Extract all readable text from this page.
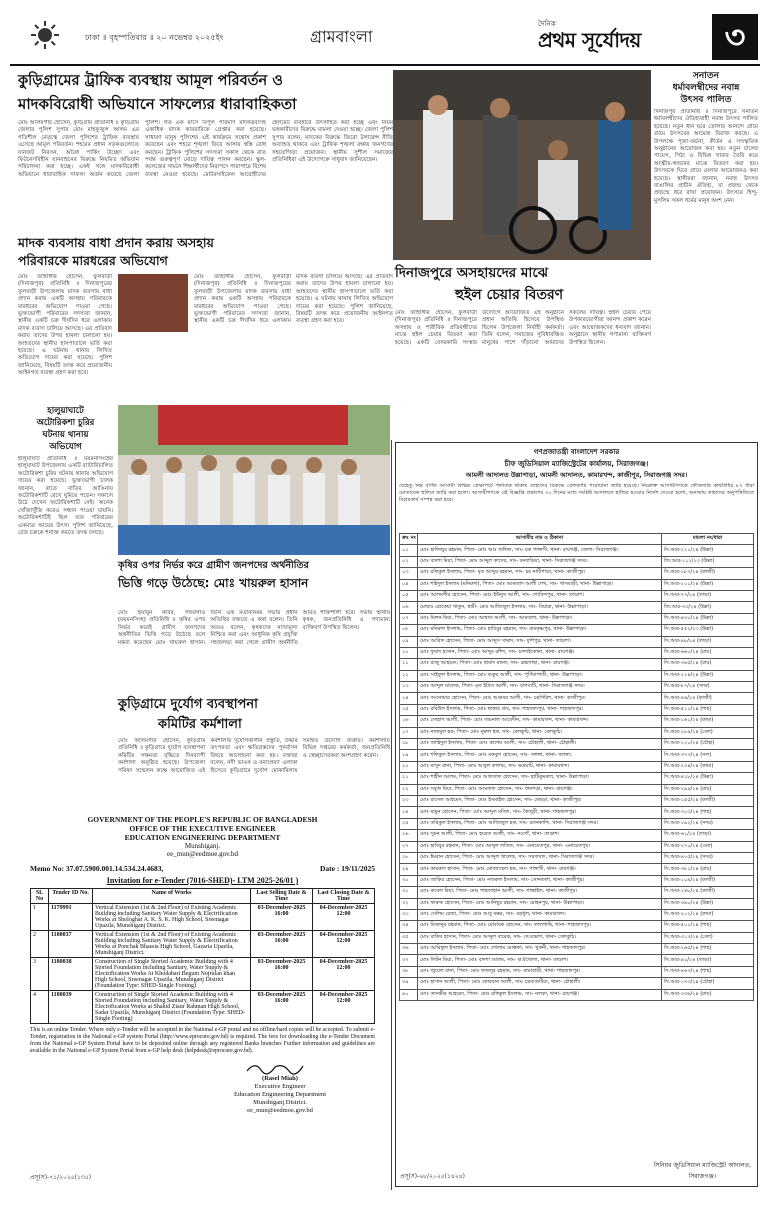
ঢাকা ॥ বৃহস্পতিবার ॥ ২০ নভেম্বর ২০২৫ইং	গ্রামবাংলা
দৈনিক
প্রথম সূর্যোদয়	৩
কুড়িগ্রামের ট্রাফিক ব্যবস্থায় আমূল পরিবর্তন ও
মাদকবিরোধী অভিযানে সাফল্যের ধারাবাহিকতা
মোঃ আলমগীর হোসেন, কুড়িগ্রাম প্রতিনিধি ॥ কুড়িগ্রাম জেলার পুলিশ সুপার মোঃ মাহফুজুল আলম এর গতিশীল নেতৃত্বে জেলা পুলিশের ট্রাফিক ব্যবস্থায় এসেছে আমূল পরিবর্তন। শহরের প্রধান সড়কগুলোতে যানজট নিরসন, অবৈধ পার্কিং উচ্ছেদ এবং ফিটনেসবিহীন যানবাহনের বিরুদ্ধে নিয়মিত অভিযান পরিচালনা করা হচ্ছে। একই সঙ্গে মাদকবিরোধী অভিযানে ধারাবাহিক সাফল্য অর্জন করেছে জেলা পুলিশ। গত এক মাসে বিপুল পরিমাণ মাদকদ্রব্যসহ একাধিক মাদক কারবারিকে গ্রেপ্তার করা হয়েছে। সাধারণ মানুষ পুলিশের এই কার্যক্রমে সন্তোষ প্রকাশ করেছেন এবং শহরে শৃঙ্খলা ফিরে আসায় স্বস্তি বোধ করছেন। ট্রাফিক পুলিশের সদস্যরা সকাল থেকে রাত পর্যন্ত গুরুত্বপূর্ণ মোড়ে দায়িত্ব পালন করছেন। স্কুল-কলেজের সামনে শিক্ষার্থীদের নিরাপদে পারাপারে বিশেষ ব্যবস্থা নেওয়া হয়েছে। মোটরসাইকেল আরোহীদের হেলমেট ব্যবহারে উৎসাহিত করা হচ্ছে এবং নিয়ম ভঙ্গকারীদের বিরুদ্ধে মামলা দেওয়া হচ্ছে। জেলা পুলিশ সুপার বলেন, মাদকের বিরুদ্ধে জিরো টলারেন্স নীতি অব্যাহত থাকবে এবং ট্রাফিক শৃঙ্খলা রক্ষায় জনগণের সহযোগিতা প্রয়োজন। স্থানীয় সুশীল সমাজের প্রতিনিধিরা এই উদ্যোগকে সাধুবাদ জানিয়েছেন।
সনাতন
ধর্মাবলম্বীদের নবান্ন
উৎসব পালিত
দিনাজপুর প্রতিনিধি ॥ দিনাজপুরে সনাতন ধর্মাবলম্বীদের ঐতিহ্যবাহী নবান্ন উৎসব পালিত হয়েছে। নতুন ধান ঘরে তোলার আনন্দে গ্রামে গ্রামে উৎসবের আমেজ বিরাজ করছে। এ উপলক্ষে পূজা-অর্চনা, কীর্তন ও সাংস্কৃতিক অনুষ্ঠানের আয়োজন করা হয়। নতুন চালের পায়েস, পিঠা ও বিভিন্ন খাবার তৈরি করে আত্মীয়-স্বজনের মাঝে বিতরণ করা হয়। উৎসবকে ঘিরে গ্রামে মেলার আয়োজনও করা হয়েছে। স্থানীয়রা জানান, নবান্ন উৎসব বাঙালির প্রাচীন ঐতিহ্য, যা প্রজন্ম থেকে প্রজন্মে ধরে রাখা প্রয়োজন। উৎসবে হিন্দু-মুসলিম সকল ধর্মের মানুষ অংশ নেন।
মাদক ব্যবসায় বাধা প্রদান করায় অসহায়
পরিবারকে মারধরের অভিযোগ
মোঃ জাহাঙ্গীর হোসেন, ফুলবাড়ী (দিনাজপুর) প্রতিনিধি ॥ দিনাজপুরের ফুলবাড়ী উপজেলায় মাদক ব্যবসায় বাধা প্রদান করায় একটি অসহায় পরিবারকে মারধরের অভিযোগ পাওয়া গেছে। ভুক্তভোগী পরিবারের সদস্যরা জানান, স্থানীয় একটি চক্র দীর্ঘদিন ধরে এলাকায় মাদক ব্যবসা চালিয়ে আসছে। এর প্রতিবাদ করায় তাদের উপর হামলা চালানো হয়। আহতদের স্থানীয় হাসপাতালে ভর্তি করা হয়েছে। এ ঘটনায় থানায় লিখিত অভিযোগ দায়ের করা হয়েছে। পুলিশ জানিয়েছে, বিষয়টি তদন্ত করে প্রয়োজনীয় আইনগত ব্যবস্থা গ্রহণ করা হবে।
মোঃ জাহাঙ্গীর হোসেন, ফুলবাড়ী (দিনাজপুর) প্রতিনিধি ॥ দিনাজপুরের ফুলবাড়ী উপজেলায় মাদক ব্যবসায় বাধা প্রদান করায় একটি অসহায় পরিবারকে মারধরের অভিযোগ পাওয়া গেছে। ভুক্তভোগী পরিবারের সদস্যরা জানান, স্থানীয় একটি চক্র দীর্ঘদিন ধরে এলাকায় মাদক ব্যবসা চালিয়ে আসছে। এর প্রতিবাদ করায় তাদের উপর হামলা চালানো হয়। আহতদের স্থানীয় হাসপাতালে ভর্তি করা হয়েছে। এ ঘটনায় থানায় লিখিত অভিযোগ দায়ের করা হয়েছে। পুলিশ জানিয়েছে, বিষয়টি তদন্ত করে প্রয়োজনীয় আইনগত ব্যবস্থা গ্রহণ করা হবে।
দিনাজপুরে অসহায়দের মাঝে
হুইল চেয়ার বিতরণ
মোঃ জাহাঙ্গীর হোসেন, ফুলবাড়ী (দিনাজপুর) প্রতিনিধি ॥ দিনাজপুরে অসহায় ও শারীরিক প্রতিবন্ধীদের মাঝে হুইল চেয়ার বিতরণ করা হয়েছে। একটি বেসরকারি সংস্থার উদ্যোগে আয়োজিত এই অনুষ্ঠানে প্রধান অতিথি হিসেবে উপস্থিত ছিলেন উপজেলা নির্বাহী কর্মকর্তা। তিনি বলেন, সমাজের সুবিধাবঞ্চিত মানুষের পাশে দাঁড়ানো আমাদের সকলের দায়িত্ব। হুইল চেয়ার পেয়ে উপকারভোগীরা আনন্দ প্রকাশ করেন এবং আয়োজকদের ধন্যবাদ জানান। অনুষ্ঠানে স্থানীয় গণ্যমান্য ব্যক্তিবর্গ উপস্থিত ছিলেন।
হালুয়াঘাটে
অটোরিকশা চুরির
ঘটনায় থানায়
অভিযোগ
হালুয়াঘাট প্রতিনিধি ॥ ময়মনসিংহের হালুয়াঘাট উপজেলায় একটি ব্যাটারিচালিত অটোরিকশা চুরির ঘটনায় থানায় অভিযোগ দায়ের করা হয়েছে। ভুক্তভোগী চালক জানান, রাতে বাড়ির আঙিনায় অটোরিকশাটি রেখে ঘুমিয়ে পড়েন। সকালে উঠে দেখেন অটোরিকশাটি নেই। অনেক খোঁজাখুঁজি করেও সন্ধান পাওয়া যায়নি। অটোরিকশাটিই ছিল তার পরিবারের একমাত্র আয়ের উৎস। পুলিশ জানিয়েছে, চোর চক্রকে শনাক্ত করতে তদন্ত চলছে।
কৃষির ওপর নির্ভর করে গ্রামীণ জনপদের অর্থনীতির
ভিত্তি গড়ে উঠেছে: মোঃ খায়রুল হাসান
মোঃ হুমায়ুন কবির, গফরগাঁও (ময়মনসিংহ) প্রতিনিধি ॥ কৃষির ওপর নির্ভর করেই গ্রামীণ জনপদের অর্থনীতির ভিত্তি গড়ে উঠেছে বলে মন্তব্য করেছেন মোঃ খায়রুল হাসান। তিনি এক মতবিনিময় সভায় প্রধান অতিথির বক্তব্যে এ কথা বলেন। তিনি আরও বলেন, কৃষকদের ন্যায্যমূল্য নিশ্চিত করা এবং আধুনিক কৃষি প্রযুক্তি সহজলভ্য করা গেলে গ্রামীণ অর্থনীতি আরও শক্তিশালী হবে। সভায় স্থানীয় কৃষক, জনপ্রতিনিধি ও গণ্যমান্য ব্যক্তিবর্গ উপস্থিত ছিলেন।
কুড়িগ্রামে দুর্যোগ ব্যবস্থাপনা
কমিটির কর্মশালা
মোঃ আলমগীর হোসেন, কুড়িগ্রাম প্রতিনিধি ॥ কুড়িগ্রামে দুর্যোগ ব্যবস্থাপনা কমিটির সক্ষমতা বৃদ্ধিতে দিনব্যাপী কর্মশালা অনুষ্ঠিত হয়েছে। উপজেলা পরিষদ সম্মেলন কক্ষে আয়োজিত এই কর্মশালায় দুর্যোগকালীন প্রস্তুতি, উদ্ধার তৎপরতা এবং ক্ষতিগ্রস্তদের পুনর্বাসন বিষয়ে আলোচনা করা হয়। বক্তারা বলেন, নদী ভাঙন ও বন্যাপ্রবণ এলাকা হিসেবে কুড়িগ্রামে দুর্যোগ মোকাবিলায় সমন্বিত উদ্যোগ জরুরি। কর্মশালায় বিভিন্ন দপ্তরের কর্মকর্তা, জনপ্রতিনিধি ও স্বেচ্ছাসেবকরা অংশগ্রহণ করেন।
GOVERNMENT OF THE PEOPLE'S REPUBLIC OF BANGLADESH
OFFICE OF THE EXECUTIVE ENGINEER
EDUCATION ENGINEERING DEPARTMENT
Munshiganj.
ee_mun@eedmoe.gov.bd
Memo No: 37.07.5900.001.14.534.24.4683,	Date : 19/11/2025
Invitation for e-Tender (7016-SHED)- LTM 2025-26/01 )
SL No	Tender ID No.	Name of Works	Last Selling Date & Time	Last Closing Date & Time
1	1179991	Vertical Extension (1st & 2nd Floor) of Existing Academic Building including Sanitary Water Supply & Electrification Works at Shologhar A. K. S. K. High School, Sreenagar Upazila, Munshiganj District.	03-December-2025 16:00	04-December-2025 12:00
2	1180037	Vertical Extension (1st & 2nd Floor) of Existing Academic Building including Sanitary Water Supply & Electrification Works at Ponchak Bhassia High School, Gazaria Upazila, Munshiganj District.	03-December-2025 16:00	04-December-2025 12:00
3	1180038	Construction of Single Storied Academic Building with 4 Storied Foundation including Sanitary, Water Supply & Electrification Works At Khodabari Begum Nojrulan khan High School, Sreenagar Upazila, Munshiganj District (Foundation Type: SHED-Single Footing)	03-December-2025 16:00	04-December-2025 12:00
4	1180039	Construction of Single Storied Academic Building with 4 Storied Foundation including Sanitary, Water Supply & Electrification Works at Shahid Ziaur Rahman High School, Sadar Upazila, Munshiganj District (Foundation Type: SHED-Single Footing)	03-December-2025 16:00	04-December-2025 12:00
This is an online Tender. Where only e-Tender will be accepted in the National e-GP portal and no offline/hard copies will be accepted. To submit e-Tender, registration in the National e-GP system Portal (http://www.eprocure.gov.bd) is required. The fees for downloading the e-Tender Document from the National e-GP System Portal have to be deposited online through any registered Banks branches Further information and guidelines are available in the National e-GP System Portal from e-GP help desk (helpdesk@eprocure.gov.bd).
(Rasel Miah)
Executive Engineer
Education Engineering Department
Munshiganj District.
ee_mun@eedmoe.gov.bd
প্রসূ(স)-৭১/২০২৫(১৩৫)
গণপ্রজাতন্ত্রী বাংলাদেশ সরকার
চীফ জুডিসিয়াল ম্যাজিস্ট্রেটের কার্যালয়, সিরাজগঞ্জ।
আমলী আদালত উল্লাপাড়া, আমলী আদালত, কামারখন্দ, কাজীপুর, সিরাজগঞ্জ সদর।
যেহেতু নিম্ন বর্ণিত আসামী বিভিন্ন প্রেক্ষাপটে পলাতক থাকায় তাহাদের বিরুদ্ধে গ্রেফতারি পরোয়ানা জারি হয়েছে। নিম্নোক্ত আসামীগণকে ফৌজদারি কার্যবিধির ৮৭ ধারা মোতাবেক হুলিয়া জারি করা হলো। আসামীগণকে এই বিজ্ঞপ্তি প্রকাশের ৩০ দিনের মধ্যে সংশ্লিষ্ট আদালতে হাজির হওয়ার নির্দেশ দেওয়া হলো, অন্যথায় তাহাদের অনুপস্থিতিতে বিচারকার্য সম্পন্ন করা হবে।
ক্রঃ নং	আসামীর নাম ও ঠিকানা	মামলা নং/ধারা
০১	মোঃ হাফিজুর রহমান, পিতা- মোঃ আঃ জলিল, সাং- চক পাঙ্গাসী, থানা- রায়গঞ্জ, জেলা- সিরাজগঞ্জ।	সি.আর-২২১/২৪ (উল্লা)
০২	মোঃ বাদশা মিয়া, পিতা- মোঃ আব্দুল কাদের, সাং- বনবাড়িয়া, থানা- সিরাজগঞ্জ সদর।	জি.আর-১১২/২৩ (উল্লা)
০৩	মোঃ রফিকুল ইসলাম, পিতা- মৃত আব্দুর রহমান, সাং- চর নাটিপাড়া, থানা- কাজীপুর।	সি.আর-১৮৭/২৪ (কাজী)
০৪	মোঃ শহিদুল ইসলাম (মনিরুল), পিতা- মোঃ আমজাদ আলী শেখ, সাং- খাসবাড়ী, থানা- উল্লাপাড়া।	সি.আর-২০১/২৪ (উল্লা)
০৫	মোঃ আলমগীর হোসেন, পিতা- মোঃ ইউনুস আলী, সাং- গোবিন্দপুর, থানা- তাড়াশ।	সি.আর-৭৭/২৪ (তাড়া)
০৬	মোছাঃ রোকেয়া খাতুন, স্বামী- মোঃ আজিজুল ইসলাম, সাং- বিয়ারা, থানা- উল্লাপাড়া।	জি.আর-৩৩/২৪ (উল্লা)
০৭	মোঃ মিলন মিয়া, পিতা- মোঃ আম্বাত আলী, সাং- আমতলা, থানা- উল্লাপাড়া।	সি.আর-৪৩০/২৪ (উল্লা)
০৮	মোঃ মনিরুল ইসলাম, পিতা- মোঃ হাবিবুর রহমান, সাং- রামকৃষ্ণপুর, থানা- উল্লাপাড়া।	সি.আর-৫৫২/২৩ (উল্লা)
০৯	মোঃ আরিফ হোসেন, পিতা- মোঃ আব্দুস সামাদ, সাং- দুর্গাপুর, থানা- তাড়াশ।	সি.আর-৯৮/২৪ (তাড়া)
১০	মোঃ ফুয়াদ হাসান, পিতা- মোঃ আব্দুর রশিদ, সাং- চান্দাইকোনা, থানা- রায়গঞ্জ।	সি.আর-৬৬০/২৪ (রায়)
১১	মোঃ রাজু আহমেদ, পিতা- মোঃ ছামাদ মন্ডল, সাং- ব্রহ্মগাছা, থানা- রায়গঞ্জ।	সি.আর-৩৪৫/২৪ (রায়)
১২	মোঃ সাইফুল ইসলাম, পিতা- মোঃ শুকুর আলী, সাং- পূর্ণিমাগাতী, থানা- উল্লাপাড়া।	সি.আর-২২৪/২৪ (উল্লা)
১৩	মোঃ আব্দুল মালেক, পিতা- মৃত ইদ্রিস আলী, সাং- বাগবাটি, থানা- সিরাজগঞ্জ সদর।	সি.আর-৮৭/২৪ (সদর)
১৪	মোঃ আনোয়ার হোসেন, পিতা- মোঃ আকবর আলী, সাং- চরগিরিশ, থানা- কাজীপুর।	সি.আর-৪৪/২৪ (কাজী)
১৫	মোঃ রবিউল ইসলাম, পিতা- মোঃ ছাত্তার প্রাং, সাং- শাহজাদপুর, থানা- শাহজাদপুর।	সি.আর-৫১১/২৪ (শাহ)
১৬	মোঃ সোহাগ আলী, পিতা- মোঃ জয়নাল আবেদীন, সাং- কামারখন্দ, থানা- কামারখন্দ।	সি.আর-১৬১/২৪ (কামা)
১৭	মোঃ নাজমুল হক, পিতা- মোঃ নুরুল হক, সাং- বেলকুচি, থানা- বেলকুচি।	সি.আর-২৮৯/২৪ (বেল)
১৮	মোঃ জাহিদুল ইসলাম, পিতা- মোঃ কাশেম আলী, সাং- চৌহালী, থানা- চৌহালী।	সি.আর-১২০/২৪ (চৌহা)
১৯	মোঃ শফিকুল ইসলাম, পিতা- মোঃ মকবুল হোসেন, সাং- সলঙ্গা, থানা- সলঙ্গা।	সি.আর-৩৭৭/২৪ (সল)
২০	মোঃ মাসুদ রানা, পিতা- মোঃ আবুল কালাম, সাং- ভদ্রঘাট, থানা- কামারখন্দ।	সি.আর-২৩৪/২৪ (কামা)
২১	মোঃ শাহীন আলম, পিতা- মোঃ আলতাফ হোসেন, সাং- হাটিকুমরুল, থানা- উল্লাপাড়া।	সি.আর-৪১৮/২৪ (উল্লা)
২২	মোঃ সবুজ মিয়া, পিতা- মোঃ আমজাদ হোসেন, সাং- ধানগড়া, থানা- রায়গঞ্জ।	সি.আর-২৯৯/২৪ (রায়)
২৩	মোঃ রাসেল আহমেদ, পিতা- মোঃ ইসমাইল হোসেন, সাং- মেছড়া, থানা- কাজীপুর।	সি.আর-১৫৫/২৪ (কাজী)
২৪	মোঃ মামুন হোসেন, পিতা- মোঃ আব্দুল মজিদ, সাং- কৈজুরী, থানা- শাহজাদপুর।	সি.আর-৩০৩/২৪ (শাহ)
২৫	মোঃ তরিকুল ইসলাম, পিতা- মোঃ আজিজুল হক, সাং- রতনকান্দি, থানা- সিরাজগঞ্জ সদর।	সি.আর-১৯২/২৪ (সদর)
২৬	মোঃ সুমন আলী, পিতা- মোঃ হযরত আলী, সাং- নওগাঁ, থানা- তাড়াশ।	সি.আর-৬১/২৪ (তাড়া)
২৭	মোঃ হাবিবুর রহমান, পিতা- মোঃ আব্দুল লতিফ, সাং- এনায়েতপুর, থানা- এনায়েতপুর।	সি.আর-২৭০/২৪ (এনা)
২৮	মোঃ ইমরান হোসেন, পিতা- মোঃ আব্দুল খালেক, সাং- সয়দাবাদ, থানা- সিরাজগঞ্জ সদর।	সি.আর-৪০৫/২৪ (সদর)
২৯	মোঃ কামরুল হাসান, পিতা- মোঃ মোজাম্মেল হক, সাং- পাঙ্গাসী, থানা- রায়গঞ্জ।	সি.আর-৩৮১/২৪ (রায়)
৩০	মোঃ জাকির হোসেন, পিতা- মোঃ নজরুল ইসলাম, সাং- সোনতলা, থানা- কাজীপুর।	সি.আর-১০৯/২৪ (কাজী)
৩১	মোঃ রুবেল মিয়া, পিতা- মোঃ শাহজাহান আলী, সাং- গান্ধাইল, থানা- কাজীপুর।	সি.আর-১৪৮/২৪ (কাজী)
৩২	মোঃ ফারুক হোসেন, পিতা- মোঃ আনিছুর রহমান, সাং- মোহনপুর, থানা- উল্লাপাড়া।	সি.আর-৩৯০/২৪ (উল্লা)
৩৩	মোঃ সেলিম রেজা, পিতা- মোঃ আবু বক্কর, সাং- বড়ধুল, থানা- কামারখন্দ।	সি.আর-২০২/২৪ (কামা)
৩৪	মোঃ মিজানুর রহমান, পিতা- মোঃ মোবারক হোসেন, সাং- তালগাছি, থানা- শাহজাদপুর।	সি.আর-৫০১/২৪ (শাহ)
৩৫	মোঃ রাকিব হাসান, পিতা- মোঃ আব্দুল বারেক, সাং- দেওভোগ, থানা- বেলকুচি।	সি.আর-৩১৭/২৪ (বেল)
৩৬	মোঃ আরিফুল ইসলাম, পিতা- মোঃ গোলাম মোস্তফা, সাং- খুকনী, থানা- শাহজাদপুর।	সি.আর-২৬৫/২৪ (শাহ)
৩৭	মোঃ লিটন মিয়া, পিতা- মোঃ বাদশা আলম, সাং- বাঐখোলা, থানা- তাড়াশ।	সি.আর-৯২/২৪ (তাড়া)
৩৮	মোঃ জুয়েল রানা, পিতা- মোঃ ফজলুর রহমান, সাং- বাঘাবাড়ী, থানা- শাহজাদপুর।	সি.আর-৪৬৭/২৪ (শাহ)
৩৯	মোঃ হাসান আলী, পিতা- মোঃ কোরবান আলী, সাং- চরবাগুটিয়া, থানা- চৌহালী।	সি.আর-১৭৩/২৪ (চৌহা)
৪০	মোঃ তানভীর আহমেদ, পিতা- মোঃ রফিকুল ইসলাম, সাং- নলকা, থানা- রায়গঞ্জ।	সি.আর-৩৩৬/২৪ (রায়)
সিনিয়র জুডিসিয়াল ম্যাজিস্ট্রেট আদালত,
সিরাজগঞ্জ।
প্রসূ(স)-৬৮/২০২৫(১৪২৪)
